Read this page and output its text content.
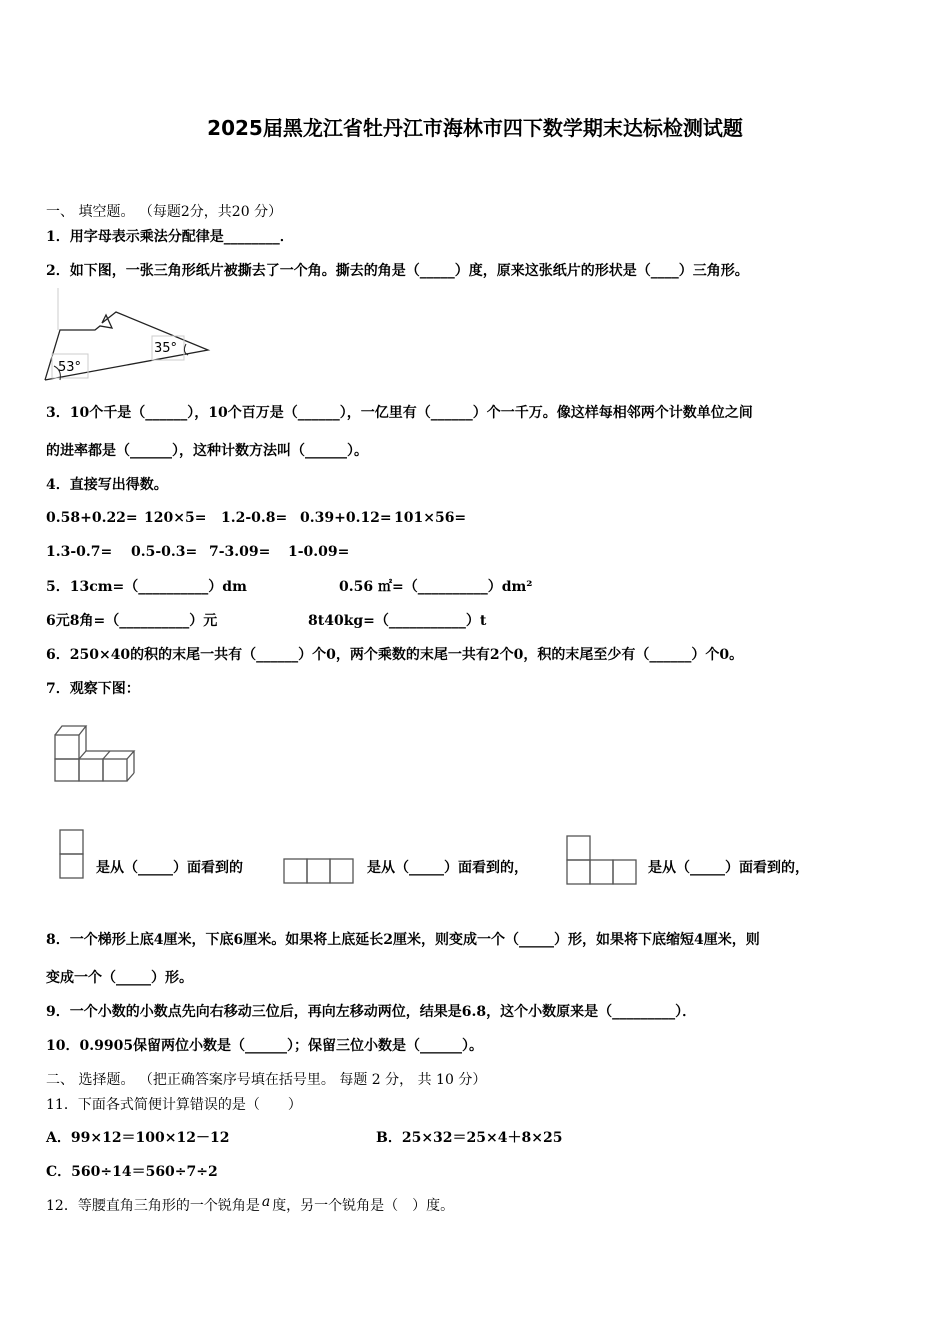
2025届黑龙江省牡丹江市海林市四下数学期末达标检测试题
一、 填空题。 （每题2分，共20 分）
1．用字母表示乘法分配律是________．
2．如下图，一张三角形纸片被撕去了一个角。撕去的角是（_____）度，原来这张纸片的形状是（____）三角形。
53°
35°
3．10个千是（______），10个百万是（______），一亿里有（______）个一千万。像这样每相邻两个计数单位之间
的进率都是（______），这种计数方法叫（______）。
4．直接写出得数。
0.58+0.22= 120×5= 1.2-0.8= 0.39+0.12= 101×56=
1.3-0.7= 0.5-0.3= 7-3.09= 1-0.09=
5．13cm=（__________）dm	0.56 ㎡=（__________）dm²
6元8角=（__________）元	8t40kg=（___________）t
6．250×40的积的末尾一共有（______）个0，两个乘数的末尾一共有2个0，积的末尾至少有（______）个0。
7．观察下图：
是从（_____）面看到的	是从（_____）面看到的，	是从（_____）面看到的，
8．一个梯形上底4厘米，下底6厘米。如果将上底延长2厘米，则变成一个（_____）形，如果将下底缩短4厘米，则
变成一个（_____）形。
9．一个小数的小数点先向右移动三位后，再向左移动两位，结果是6.8，这个小数原来是（_________）．
10．0.9905保留两位小数是（______）；保留三位小数是（______）。
二、 选择题。 （把正确答案序号填在括号里。 每题 2 分， 共 10 分）
11．下面各式简便计算错误的是（　　）
A．99×12＝100×12－12	B．25×32＝25×4＋8×25
C．560÷14＝560÷7÷2
12．等腰直角三角形的一个锐角是 a 度，另一个锐角是（　）度。
